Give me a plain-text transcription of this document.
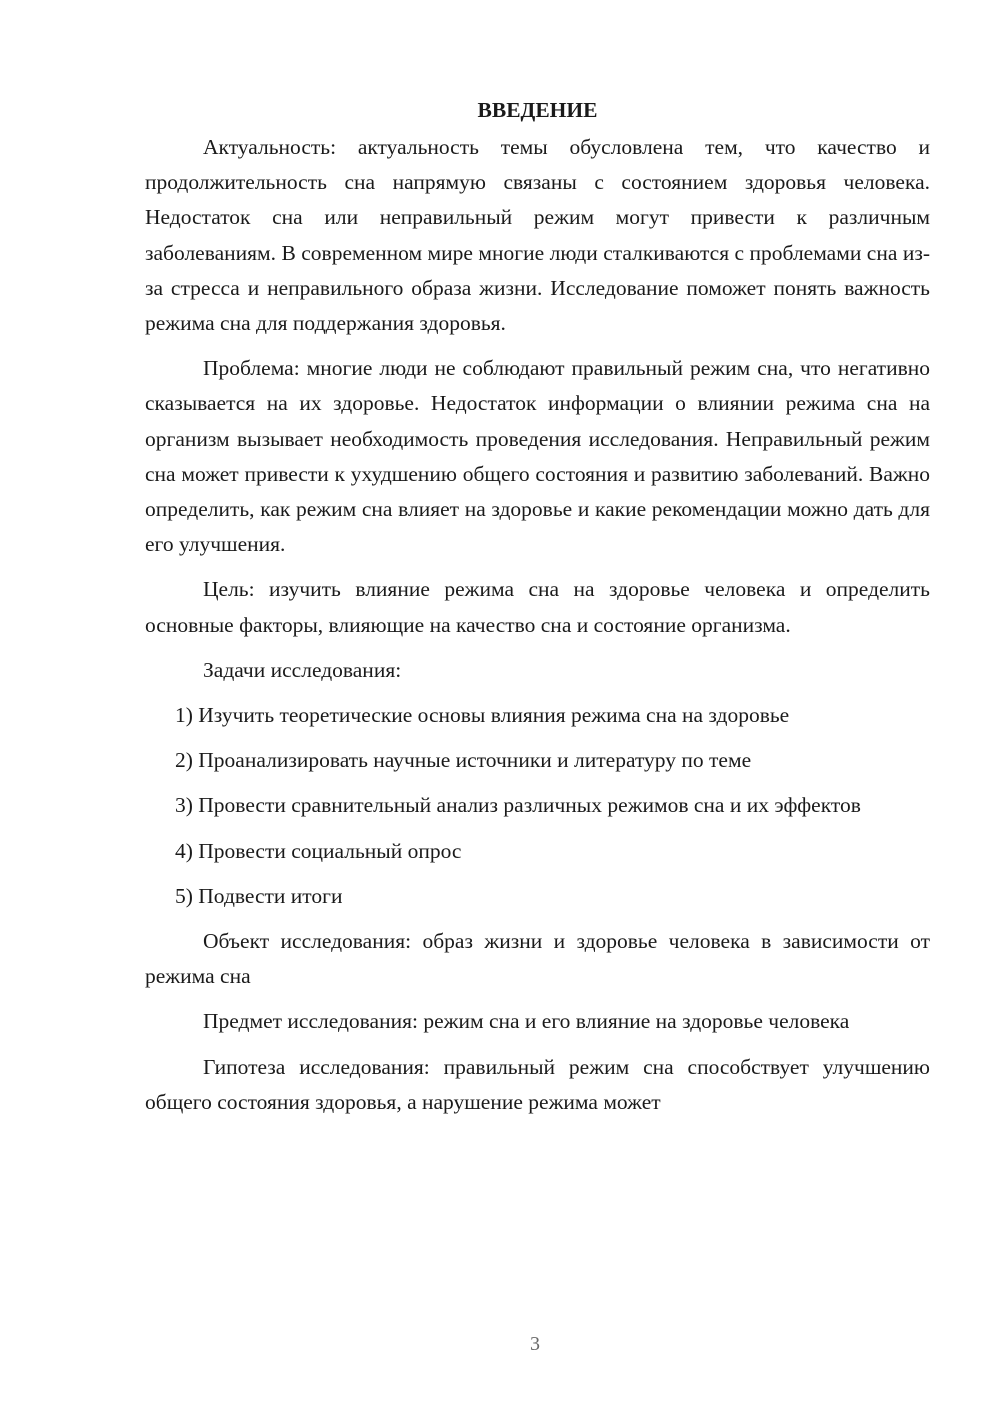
ВВЕДЕНИЕ

Актуальность: актуальность темы обусловлена тем, что качество и продолжительность сна напрямую связаны с состоянием здоровья человека. Недостаток сна или неправильный режим могут привести к различным заболеваниям. В современном мире многие люди сталкиваются с проблемами сна из-за стресса и неправильного образа жизни. Исследование поможет понять важность режима сна для поддержания здоровья.

Проблема: многие люди не соблюдают правильный режим сна, что негативно сказывается на их здоровье. Недостаток информации о влиянии режима сна на организм вызывает необходимость проведения исследования. Неправильный режим сна может привести к ухудшению общего состояния и развитию заболеваний. Важно определить, как режим сна влияет на здоровье и какие рекомендации можно дать для его улучшения.

Цель: изучить влияние режима сна на здоровье человека и определить основные факторы, влияющие на качество сна и состояние организма.

Задачи исследования:

1) Изучить теоретические основы влияния режима сна на здоровье

2) Проанализировать научные источники и литературу по теме

3) Провести сравнительный анализ различных режимов сна и их эффектов

4) Провести социальный опрос

5) Подвести итоги

Объект исследования: образ жизни и здоровье человека в зависимости от режима сна

Предмет исследования: режим сна и его влияние на здоровье человека

Гипотеза исследования: правильный режим сна способствует улучшению общего состояния здоровья, а нарушение режима может

3
